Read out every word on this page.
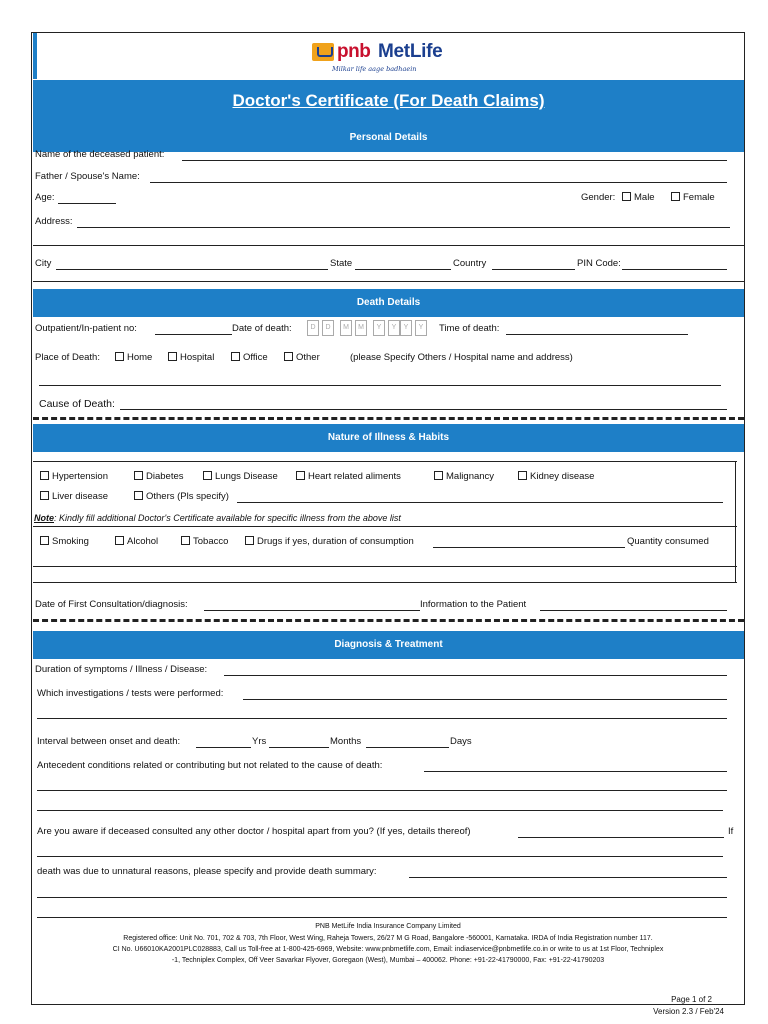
pnb MetLife
Milkar life aage badhaein
Doctor's Certificate (For Death Claims)
Personal Details
Name of the deceased patient:
Father / Spouse's Name:
Age:	Gender:	Male	Female
Address:
City	State	Country	PIN Code:
Death Details
Outpatient/In-patient no:	Date of death:	D	D	M	M	Y	Y	Y	Y	Time of death:
Place of Death:	Home	Hospital	Office	Other	(please Specify Others / Hospital name and address)
Cause of Death:
Nature of Illness & Habits
Hypertension	Diabetes	Lungs Disease	Heart related aliments	Malignancy	Kidney disease
Liver disease	Others (Pls specify)
Note: Kindly fill additional Doctor's Certificate available for specific illness from the above list
Smoking	Alcohol	Tobacco	Drugs if yes, duration of consumption	Quantity consumed
Date of First Consultation/diagnosis:	Information to the Patient
Diagnosis & Treatment
Duration of symptoms / Illness / Disease:
Which investigations / tests were performed:
Interval between onset and death:	Yrs	Months	Days
Antecedent conditions related or contributing but not related to the cause of death:
Are you aware if deceased consulted any other doctor / hospital apart from you? (If yes, details thereof)	If
death was due to unnatural reasons, please specify and provide death summary:
PNB MetLife India Insurance Company Limited
Registered office: Unit No. 701, 702 & 703, 7th Floor, West Wing, Raheja Towers, 26/27 M G Road, Bangalore -560001, Karnataka. IRDA of India Registration number 117.
CI No. U66010KA2001PLC028883, Call us Toll-free at 1-800-425-6969, Website: www.pnbmetlife.com, Email: indiaservice@pnbmetlife.co.in or write to us at 1st Floor, Techniplex
-1, Techniplex Complex, Off Veer Savarkar Flyover, Goregaon (West), Mumbai – 400062. Phone: +91-22-41790000, Fax: +91-22-41790203
Page 1 of 2
Version 2.3 / Feb'24
